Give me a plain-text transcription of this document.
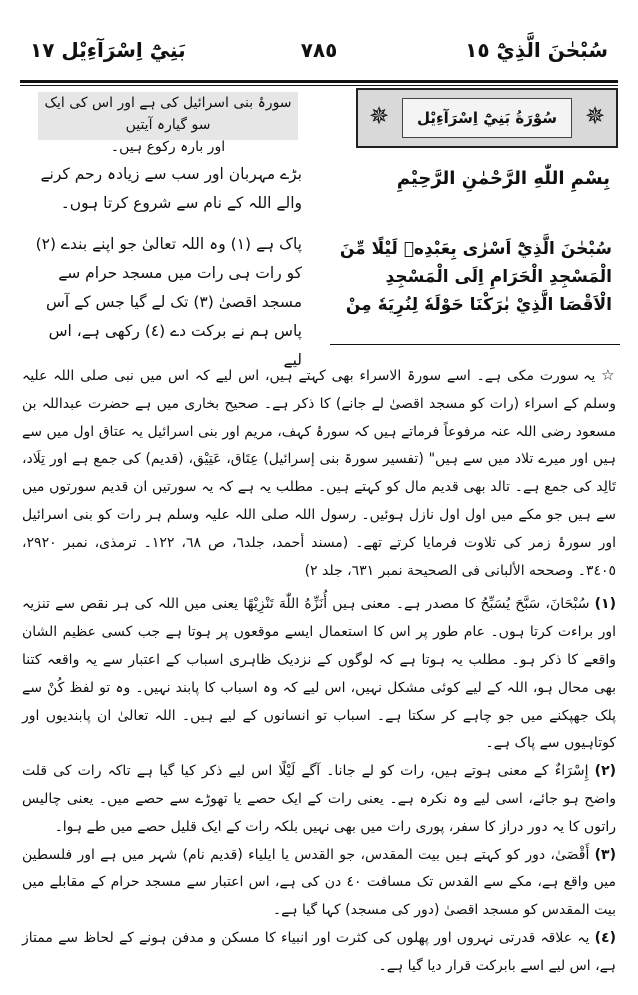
سُبْحٰنَ الَّذِيْٓ ١٥
٧٨٥
بَنِيْٓ اِسْرَآءِيْل ١٧
✵	سُوْرَةُ بَنِيْٓ اِسْرَآءِيْل	✵
سورۂ بنی اسرائیل کی ہے اور اس کی ایک سو گیارہ آیتیں
اور بارہ رکوع ہیں۔
بِسْمِ اللّٰهِ الرَّحْمٰنِ الرَّحِيْمِ

بڑے مہربان اور سب سے زیادہ رحم کرنے والے اللہ کے نام سے شروع کرتا ہوں۔

پاک ہے (١) وہ اللہ تعالیٰ جو اپنے بندے (٢) کو رات ہی رات میں مسجد حرام سے مسجد اقصیٰ (٣) تک لے گیا جس کے آس پاس ہم نے برکت دے (٤) رکھی ہے، اس لیے

سُبْحٰنَ الَّذِيْٓ اَسْرٰى بِعَبْدِهٖ لَيْلًا مِّنَ الْمَسْجِدِ الْحَرَامِ اِلَى الْمَسْجِدِ الْاَقْصَا الَّذِيْ بٰرَكْنَا حَوْلَهٗ لِنُرِيَهٗ مِنْ

☆ یہ سورت مکی ہے۔ اسے سورۃ الاسراء بھی کہتے ہیں، اس لیے کہ اس میں نبی صلی اللہ علیہ وسلم کے اسراء (رات کو مسجد اقصیٰ لے جانے) کا ذکر ہے۔ صحیح بخاری میں ہے حضرت عبداللہ بن مسعود رضی اللہ عنہ مرفوعاً فرماتے ہیں کہ سورۂ کہف، مریم اور بنی اسرائیل یہ عتاق اول میں سے ہیں اور میرے تلاد میں سے ہیں" (تفسیر سورۃ بنی إسرائیل) عِتَاق، عَتِيْق، (قدیم) کی جمع ہے اور تِلَاد، تَالِد کی جمع ہے۔ تالد بھی قدیم مال کو کہتے ہیں۔ مطلب یہ ہے کہ یہ سورتیں ان قدیم سورتوں میں سے ہیں جو مکے میں اول اول نازل ہوئیں۔ رسول اللہ صلی اللہ علیہ وسلم ہر رات کو بنی اسرائیل اور سورۂ زمر کی تلاوت فرمایا کرتے تھے۔ (مسند أحمد، جلد٦، ص ٦٨، ١٢٢۔ ترمذی، نمبر ٢٩٢٠، ٣٤٠٥۔ وصححه الألبانی فی الصحیحة نمبر ٦٣١، جلد ٢)

(١) سُبْحَانَ، سَبَّحَ يُسَبِّحُ کا مصدر ہے۔ معنی ہیں أُنَزِّهُ اللّٰهَ تَنْزِيْهًا یعنی میں اللہ کی ہر نقص سے تنزیہ اور براءت کرتا ہوں۔ عام طور پر اس کا استعمال ایسے موقعوں پر ہوتا ہے جب کسی عظیم الشان واقعے کا ذکر ہو۔ مطلب یہ ہوتا ہے کہ لوگوں کے نزدیک ظاہری اسباب کے اعتبار سے یہ واقعہ کتنا بھی محال ہو، اللہ کے لیے کوئی مشکل نہیں، اس لیے کہ وہ اسباب کا پابند نہیں۔ وہ تو لفظ کُنْ سے پلک جھپکنے میں جو چاہے کر سکتا ہے۔ اسباب تو انسانوں کے لیے ہیں۔ اللہ تعالیٰ ان پابندیوں اور کوتاہیوں سے پاک ہے۔

(٢) إِسْرَاءٌ کے معنی ہوتے ہیں، رات کو لے جانا۔ آگے لَيْلًا اس لیے ذکر کیا گیا ہے تاکہ رات کی قلت واضح ہو جائے، اسی لیے وہ نکرہ ہے۔ یعنی رات کے ایک حصے یا تھوڑے سے حصے میں۔ یعنی چالیس راتوں کا یہ دور دراز کا سفر، پوری رات میں بھی نہیں بلکہ رات کے ایک قلیل حصے میں طے ہوا۔

(٣) أَقْصَىٰ، دور کو کہتے ہیں بیت المقدس، جو القدس یا ایلیاء (قدیم نام) شہر میں ہے اور فلسطین میں واقع ہے، مکے سے القدس تک مسافت ٤٠ دن کی ہے، اس اعتبار سے مسجد حرام کے مقابلے میں بیت المقدس کو مسجد اقصیٰ (دور کی مسجد) کہا گیا ہے۔

(٤) یہ علاقہ قدرتی نہروں اور پھلوں کی کثرت اور انبیاء کا مسکن و مدفن ہونے کے لحاظ سے ممتاز ہے، اس لیے اسے بابرکت قرار دیا گیا ہے۔
